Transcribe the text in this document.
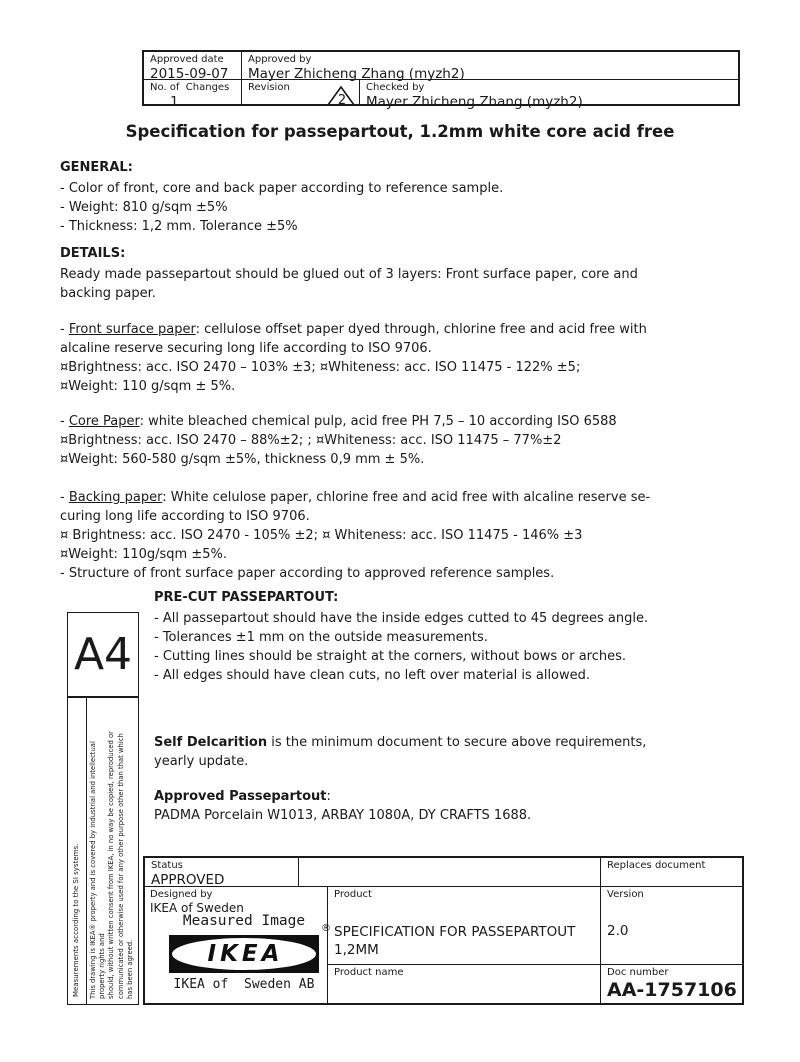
Approved date
2015-09-07
Approved by
Mayer Zhicheng Zhang (myzh2)
No. of  Changes
1
Revision
2
Checked by
Mayer Zhicheng Zhang (myzh2)
Specification for passepartout, 1.2mm white core acid free
GENERAL:
- Color of front, core and back paper according to reference sample.
- Weight: 810 g/sqm ±5%
- Thickness: 1,2 mm. Tolerance ±5%
DETAILS:
Ready made passepartout should be glued out of 3 layers: Front surface paper, core and
backing paper.
- Front surface paper: cellulose offset paper dyed through, chlorine free and acid free with
alcaline reserve securing long life according to ISO 9706.
¤Brightness: acc. ISO 2470 – 103% ±3; ¤Whiteness: acc. ISO 11475 - 122% ±5;
¤Weight: 110 g/sqm ± 5%.
- Core Paper: white bleached chemical pulp, acid free PH 7,5 – 10 according ISO 6588
¤Brightness: acc. ISO 2470 – 88%±2; ; ¤Whiteness: acc. ISO 11475 – 77%±2
¤Weight: 560-580 g/sqm ±5%, thickness 0,9 mm ± 5%.
- Backing paper: White celulose paper, chlorine free and acid free with alcaline reserve se-
curing long life according to ISO 9706.
¤ Brightness: acc. ISO 2470 - 105% ±2; ¤ Whiteness: acc. ISO 11475 - 146% ±3
¤Weight: 110g/sqm ±5%.
- Structure of front surface paper according to approved reference samples.
PRE-CUT PASSEPARTOUT:
- All passepartout should have the inside edges cutted to 45 degrees angle.
- Tolerances ±1 mm on the outside measurements.
- Cutting lines should be straight at the corners, without bows or arches.
- All edges should have clean cuts, no left over material is allowed.
A4
Measurements according to the SI systems.	This drawing is IKEA® property and is covered by industrial and intellectual property rights and should, without written consent from IKEA, in no way be copied, reproduced or communicated or otherwise used for any other purpose other than that which has been agreed.
Self Delcarition is the minimum document to secure above requirements,
yearly update.
Approved Passepartout:
PADMA Porcelain W1013, ARBAY 1080A, DY CRAFTS 1688.
Status
APPROVED
Replaces document
Designed by
IKEA of Sweden
Measured Image
IKEA
®
IKEA of  Sweden AB
Product
SPECIFICATION FOR PASSEPARTOUT
1,2MM
Version
2.0
Product name	Doc number
AA-1757106
